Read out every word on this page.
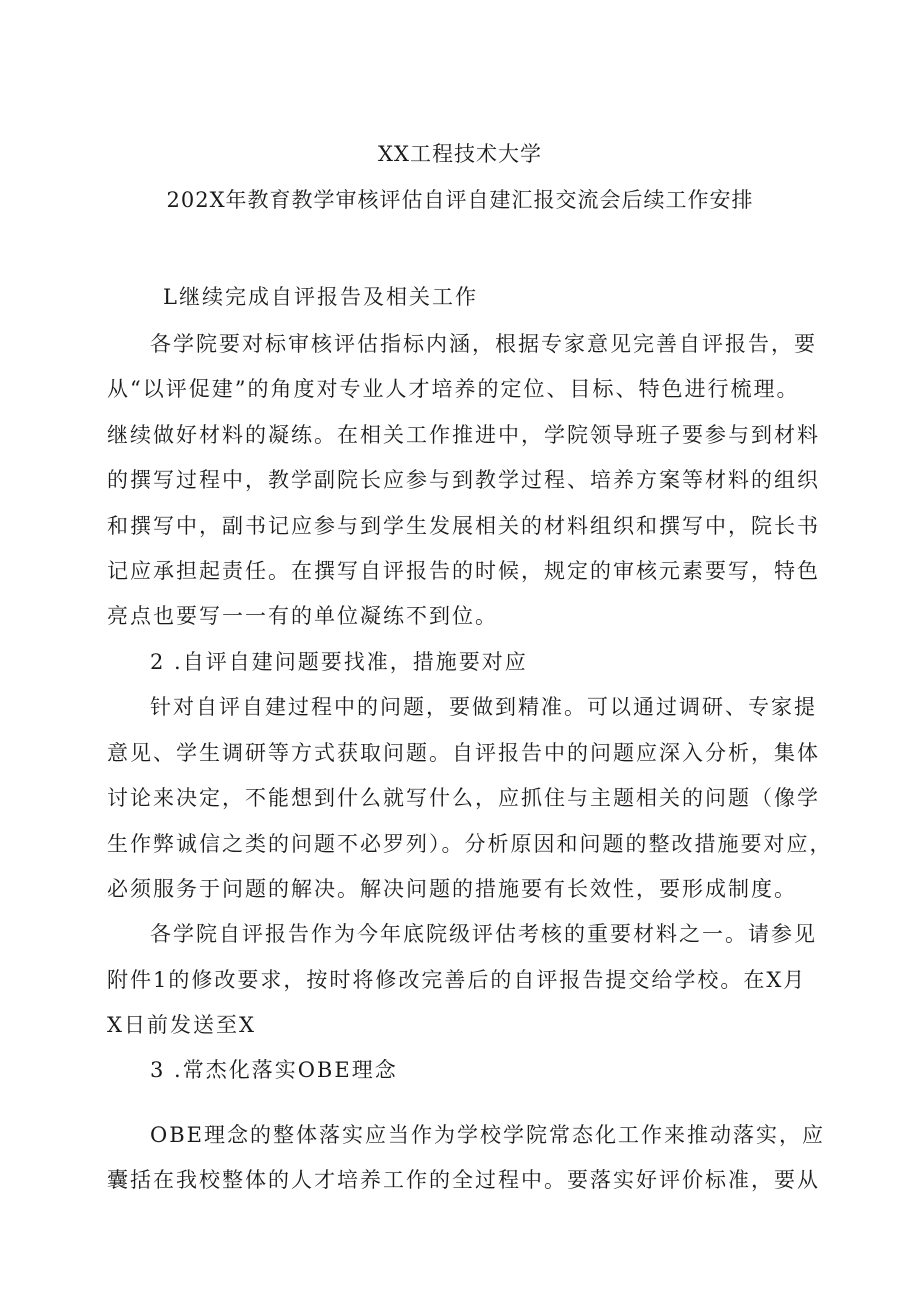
XX工程技术大学
202X年教育教学审核评估自评自建汇报交流会后续工作安排
L继续完成自评报告及相关工作
各学院要对标审核评估指标内涵，根据专家意见完善自评报告，要
从“以评促建”的角度对专业人才培养的定位、目标、特色进行梳理。
继续做好材料的凝练。在相关工作推进中，学院领导班子要参与到材料
的撰写过程中，教学副院长应参与到教学过程、培养方案等材料的组织
和撰写中，副书记应参与到学生发展相关的材料组织和撰写中，院长书
记应承担起责任。在撰写自评报告的时候，规定的审核元素要写，特色
亮点也要写一一有的单位凝练不到位。
2 .自评自建问题要找准，措施要对应
针对自评自建过程中的问题，要做到精准。可以通过调研、专家提
意见、学生调研等方式获取问题。自评报告中的问题应深入分析，集体
讨论来决定，不能想到什么就写什么，应抓住与主题相关的问题（像学
生作弊诚信之类的问题不必罗列）。分析原因和问题的整改措施要对应，
必须服务于问题的解决。解决问题的措施要有长效性，要形成制度。
各学院自评报告作为今年底院级评估考核的重要材料之一。请参见
附件1的修改要求，按时将修改完善后的自评报告提交给学校。在X月
X日前发送至X
3 .常杰化落实OBE理念
OBE理念的整体落实应当作为学校学院常态化工作来推动落实，应
囊括在我校整体的人才培养工作的全过程中。要落实好评价标准，要从
